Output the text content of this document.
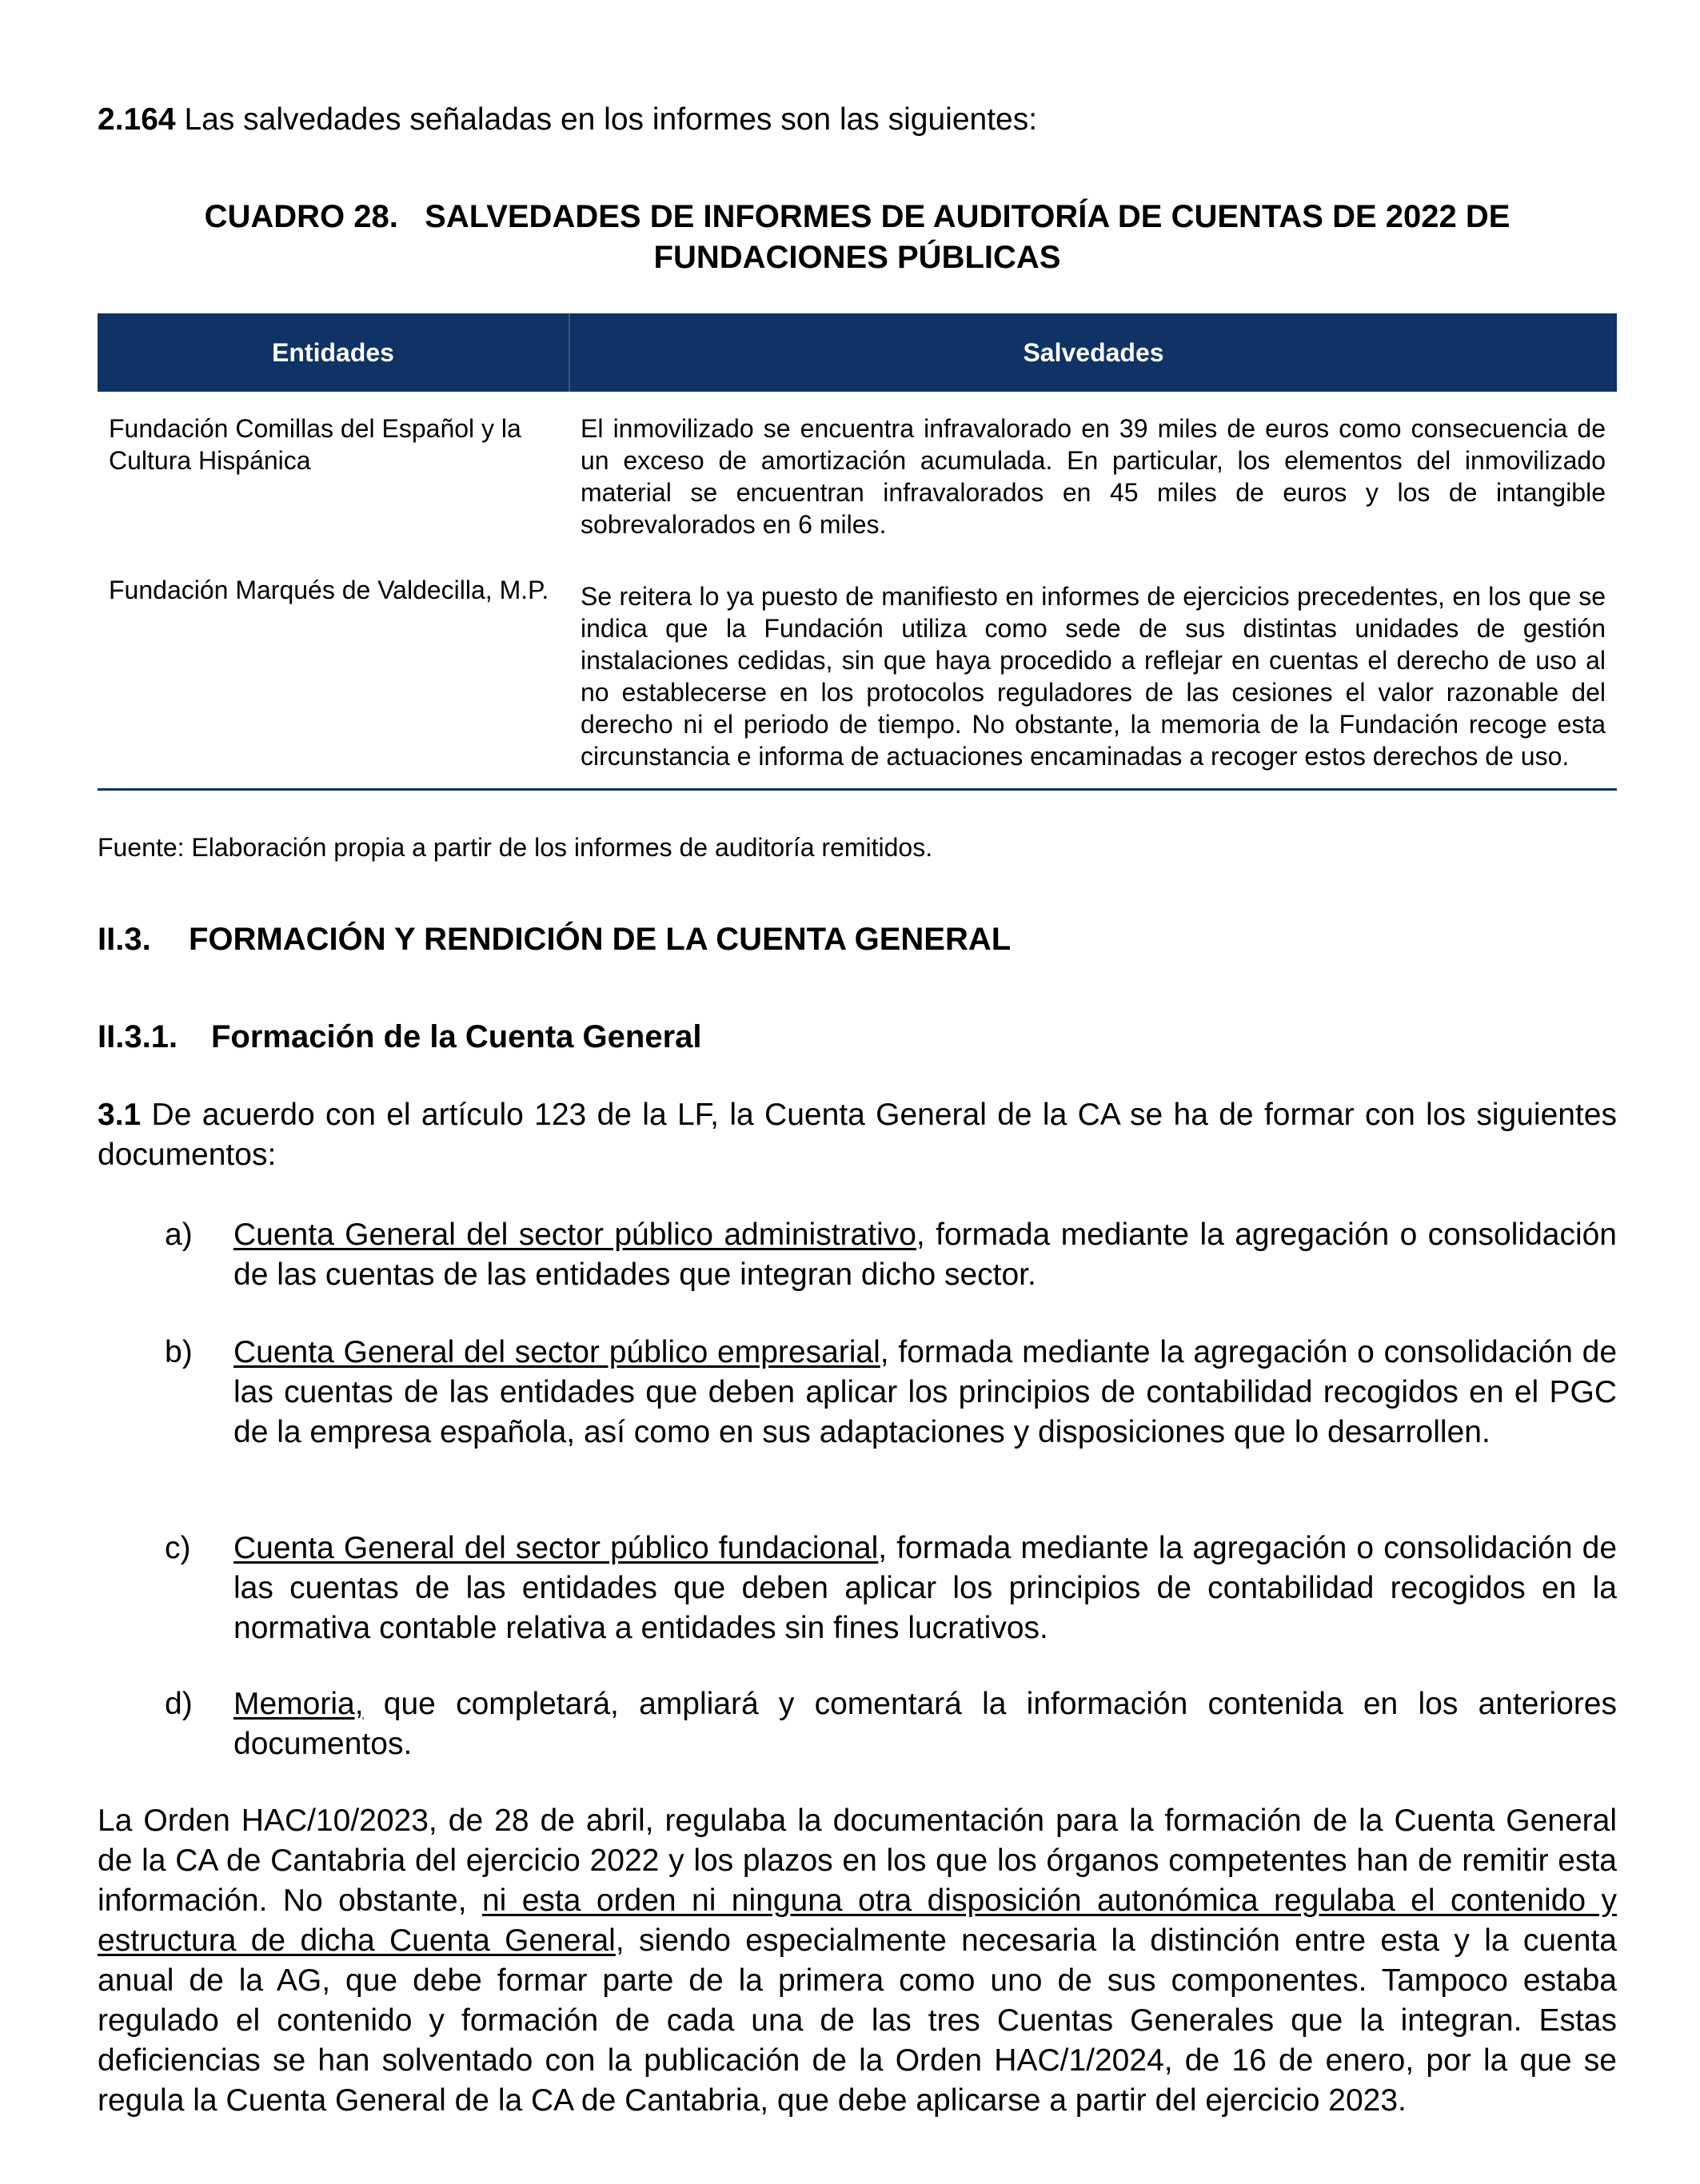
2.164 Las salvedades señaladas en los informes son las siguientes:

CUADRO 28.   SALVEDADES DE INFORMES DE AUDITORÍA DE CUENTAS DE 2022 DE
FUNDACIONES PÚBLICAS
Entidades	Salvedades
Fundación Comillas del Español y la Cultura Hispánica	El inmovilizado se encuentra infravalorado en 39 miles de euros como consecuencia de un exceso de amortización acumulada. En particular, los elementos del inmovilizado material se encuentran infravalorados en 45 miles de euros y los de intangible sobrevalorados en 6 miles.
Fundación Marqués de Valdecilla, M.P.	Se reitera lo ya puesto de manifiesto en informes de ejercicios precedentes, en los que se indica que la Fundación utiliza como sede de sus distintas unidades de gestión instalaciones cedidas, sin que haya procedido a reflejar en cuentas el derecho de uso al no establecerse en los protocolos reguladores de las cesiones el valor razonable del derecho ni el periodo de tiempo. No obstante, la memoria de la Fundación recoge esta circunstancia e informa de actuaciones encaminadas a recoger estos derechos de uso.
Fuente: Elaboración propia a partir de los informes de auditoría remitidos.
II.3. FORMACIÓN Y RENDICIÓN DE LA CUENTA GENERAL
II.3.1. Formación de la Cuenta General

3.1 De acuerdo con el artículo 123 de la LF, la Cuenta General de la CA se ha de formar con los siguientes documentos:

a) Cuenta General del sector público administrativo, formada mediante la agregación o consolidación de las cuentas de las entidades que integran dicho sector.
b) Cuenta General del sector público empresarial, formada mediante la agregación o consolidación de las cuentas de las entidades que deben aplicar los principios de contabilidad recogidos en el PGC de la empresa española, así como en sus adaptaciones y disposiciones que lo desarrollen.
c) Cuenta General del sector público fundacional, formada mediante la agregación o consolidación de las cuentas de las entidades que deben aplicar los principios de contabilidad recogidos en la normativa contable relativa a entidades sin fines lucrativos.
d) Memoria, que completará, ampliará y comentará la información contenida en los anteriores documentos.

La Orden HAC/10/2023, de 28 de abril, regulaba la documentación para la formación de la Cuenta General de la CA de Cantabria del ejercicio 2022 y los plazos en los que los órganos competentes han de remitir esta información. No obstante, ni esta orden ni ninguna otra disposición autonómica regulaba el contenido y estructura de dicha Cuenta General, siendo especialmente necesaria la distinción entre esta y la cuenta anual de la AG, que debe formar parte de la primera como uno de sus componentes. Tampoco estaba regulado el contenido y formación de cada una de las tres Cuentas Generales que la integran. Estas deficiencias se han solventado con la publicación de la Orden HAC/1/2024, de 16 de enero, por la que se regula la Cuenta General de la CA de Cantabria, que debe aplicarse a partir del ejercicio 2023.
